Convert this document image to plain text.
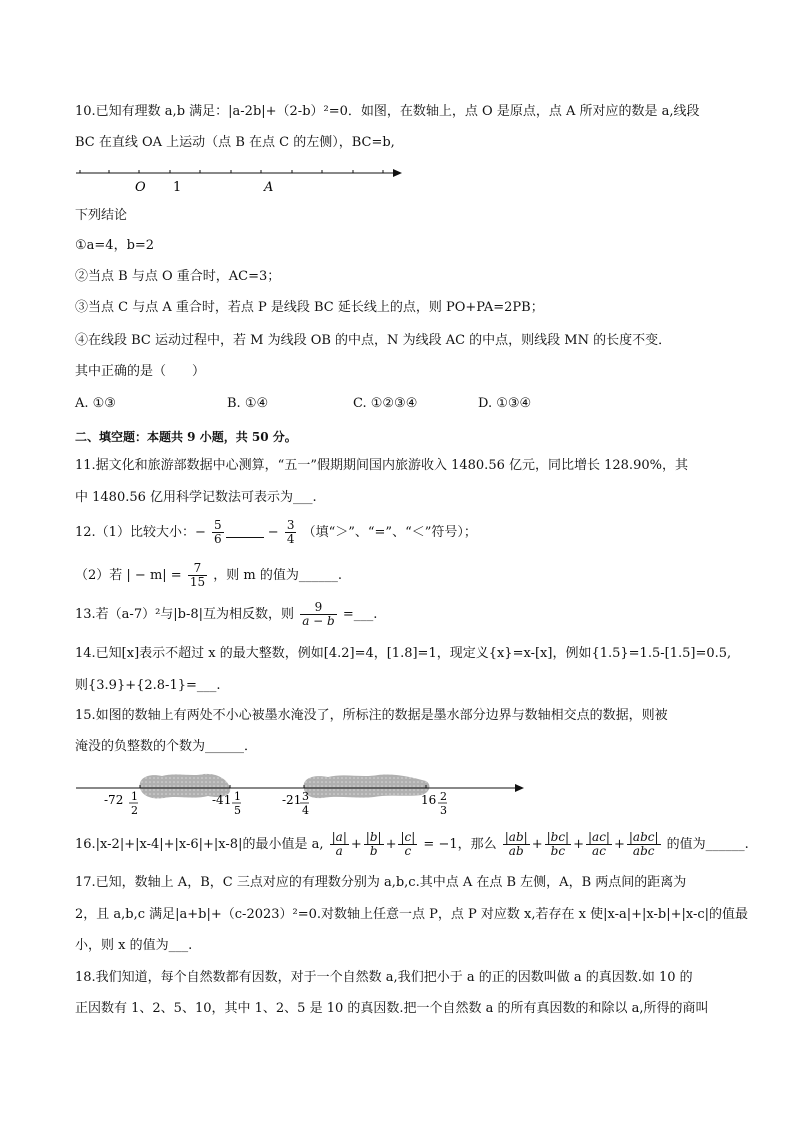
10.已知有理数 a,b 满足：|a-2b|+（2-b）²=0．如图，在数轴上，点 O 是原点，点 A 所对应的数是 a,线段
BC 在直线 OA 上运动（点 B 在点 C 的左侧），BC=b,
O 1	A
下列结论
①a=4，b=2
②当点 B 与点 O 重合时，AC=3；
③当点 C 与点 A 重合时，若点 P 是线段 BC 延长线上的点，则 PO+PA=2PB；
④在线段 BC 运动过程中，若 M 为线段 OB 的中点，N 为线段 AC 的中点，则线段 MN 的长度不变．
其中正确的是（　　）
A. ①③	B. ①④	C. ①②③④	D. ①③④
二、填空题：本题共 9 小题，共 50 分。
11.据文化和旅游部数据中心测算，“五一”假期期间国内旅游收入 1480.56 亿元，同比增长 128.90%，其
中 1480.56 亿用科学记数法可表示为___.
12.（1）比较大小：− $\frac{5}{6}$	− $\frac{3}{4}$ （填“＞”、“=”、“＜”符号）；
（2）若 | − $m| = \frac{7}{15}$ ，则 m 的值为______.
13.若（a-7）²与|b-8|互为相反数，则 $\frac{9}{a - b}$ =___.
14.已知[x]表示不超过 x 的最大整数，例如[4.2]=4，[1.8]=1，现定义{x}=x-[x]，例如{1.5}=1.5-[1.5]=0.5,
则{3.9}+{2.8-1}=___.
15.如图的数轴上有两处不小心被墨水淹没了，所标注的数据是墨水部分边界与数轴相交点的数据，则被
淹没的负整数的个数为______．
-72 1
2
-41 1
5
-21 3
4
16 2
3
16.|x-2|+|x-4|+|x-6|+|x-8|的最小值是 a, $\frac{|a|}{a} + \frac{|b|}{b} + \frac{|c|}{c} = -1$，那么 $\frac{|ab|}{ab} + \frac{|bc|}{bc} + \frac{|ac|}{ac} + \frac{\text{|abc|}}{\text{abc}}$ 的值为______.
17.已知，数轴上 A，B，C 三点对应的有理数分别为 a,b,c.其中点 A 在点 B 左侧，A，B 两点间的距离为
2，且 a,b,c 满足|a+b|+（c-2023）²=0.对数轴上任意一点 P，点 P 对应数 x,若存在 x 使|x-a|+|x-b|+|x-c|的值最
小，则 x 的值为___.
18.我们知道，每个自然数都有因数，对于一个自然数 a,我们把小于 a 的正的因数叫做 a 的真因数.如 10 的
正因数有 1、2、5、10，其中 1、2、5 是 10 的真因数.把一个自然数 a 的所有真因数的和除以 a,所得的商叫
